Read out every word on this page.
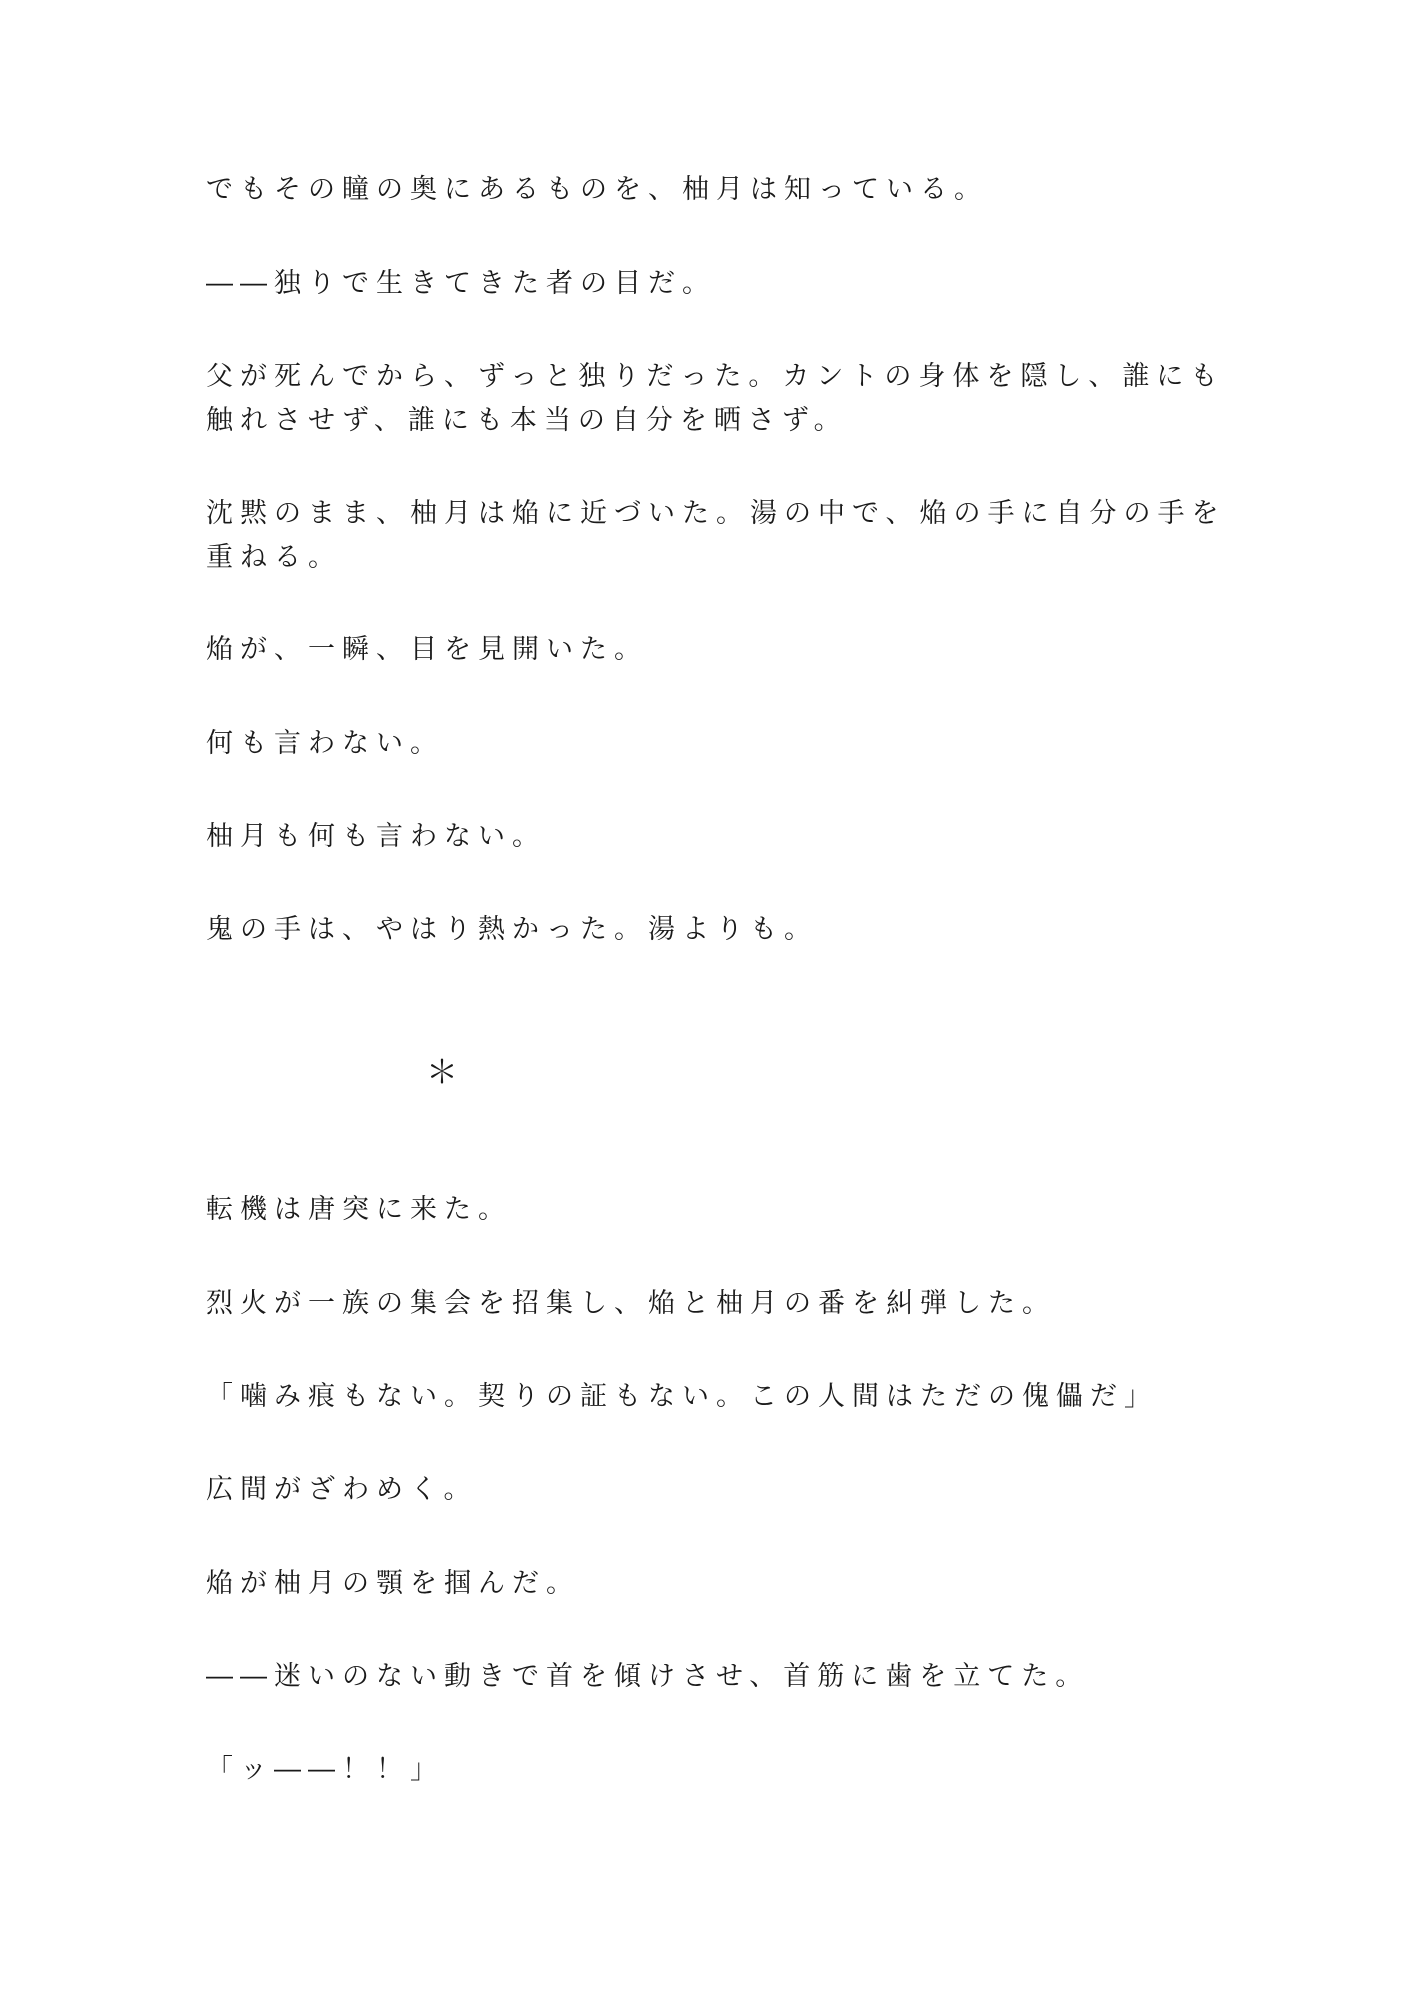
でもその瞳の奥にあるものを、柚月は知っている。

――独りで生きてきた者の目だ。

父が死んでから、ずっと独りだった。カントの身体を隠し、誰にも
触れさせず、誰にも本当の自分を晒さず。

沈黙のまま、柚月は焔に近づいた。湯の中で、焔の手に自分の手を
重ねる。

焔が、一瞬、目を見開いた。

何も言わない。

柚月も何も言わない。

鬼の手は、やはり熱かった。湯よりも。

＊

転機は唐突に来た。

烈火が一族の集会を招集し、焔と柚月の番を糾弾した。

「噛み痕もない。契りの証もない。この人間はただの傀儡だ」

広間がざわめく。

焔が柚月の顎を掴んだ。

――迷いのない動きで首を傾けさせ、首筋に歯を立てた。

「ッ――！！」
